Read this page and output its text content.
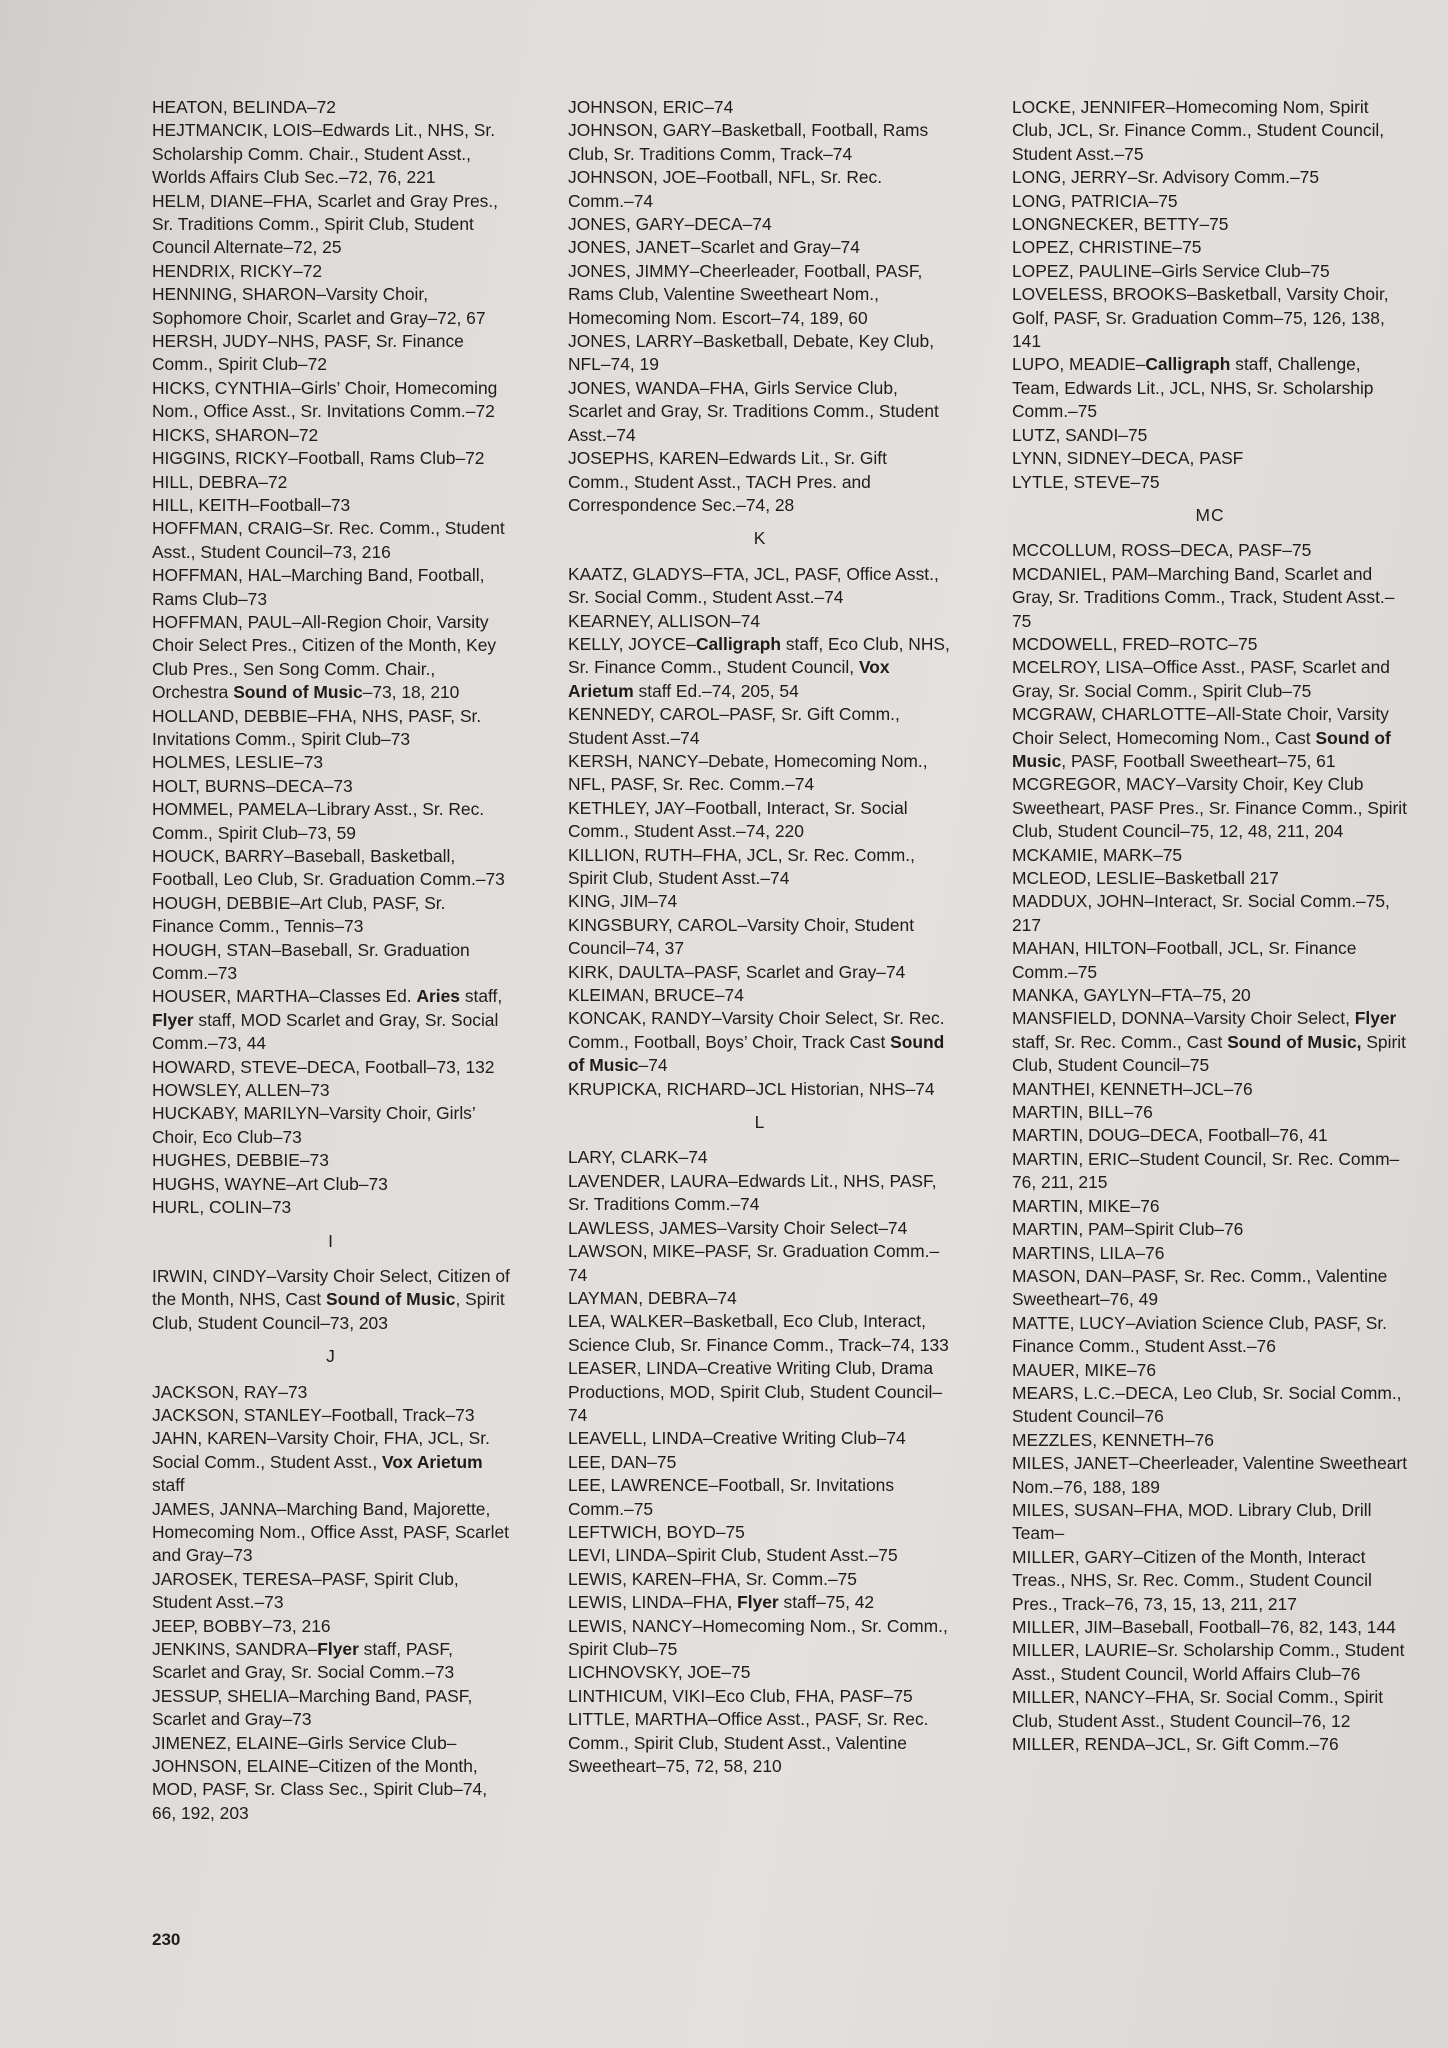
HEATON, BELINDA–72
HEJTMANCIK, LOIS–Edwards Lit., NHS, Sr. Scholarship Comm. Chair., Student Asst., Worlds Affairs Club Sec.–72, 76, 221
HELM, DIANE–FHA, Scarlet and Gray Pres., Sr. Traditions Comm., Spirit Club, Student Council Alternate–72, 25
HENDRIX, RICKY–72
HENNING, SHARON–Varsity Choir, Sophomore Choir, Scarlet and Gray–72, 67
HERSH, JUDY–NHS, PASF, Sr. Finance Comm., Spirit Club–72
HICKS, CYNTHIA–Girls’ Choir, Homecoming Nom., Office Asst., Sr. Invitations Comm.–72
HICKS, SHARON–72
HIGGINS, RICKY–Football, Rams Club–72
HILL, DEBRA–72
HILL, KEITH–Football–73
HOFFMAN, CRAIG–Sr. Rec. Comm., Student Asst., Student Council–73, 216
HOFFMAN, HAL–Marching Band, Football, Rams Club–73
HOFFMAN, PAUL–All-Region Choir, Varsity Choir Select Pres., Citizen of the Month, Key Club Pres., Sen Song Comm. Chair., Orchestra Sound of Music–73, 18, 210
HOLLAND, DEBBIE–FHA, NHS, PASF, Sr. Invitations Comm., Spirit Club–73
HOLMES, LESLIE–73
HOLT, BURNS–DECA–73
HOMMEL, PAMELA–Library Asst., Sr. Rec. Comm., Spirit Club–73, 59
HOUCK, BARRY–Baseball, Basketball, Football, Leo Club, Sr. Graduation Comm.–73
HOUGH, DEBBIE–Art Club, PASF, Sr. Finance Comm., Tennis–73
HOUGH, STAN–Baseball, Sr. Graduation Comm.–73
HOUSER, MARTHA–Classes Ed. Aries staff, Flyer staff, MOD Scarlet and Gray, Sr. Social Comm.–73, 44
HOWARD, STEVE–DECA, Football–73, 132
HOWSLEY, ALLEN–73
HUCKABY, MARILYN–Varsity Choir, Girls’ Choir, Eco Club–73
HUGHES, DEBBIE–73
HUGHS, WAYNE–Art Club–73
HURL, COLIN–73
I
IRWIN, CINDY–Varsity Choir Select, Citizen of the Month, NHS, Cast Sound of Music, Spirit Club, Student Council–73, 203
J
JACKSON, RAY–73
JACKSON, STANLEY–Football, Track–73
JAHN, KAREN–Varsity Choir, FHA, JCL, Sr. Social Comm., Student Asst., Vox Arietum staff
JAMES, JANNA–Marching Band, Majorette, Homecoming Nom., Office Asst, PASF, Scarlet and Gray–73
JAROSEK, TERESA–PASF, Spirit Club, Student Asst.–73
JEEP, BOBBY–73, 216
JENKINS, SANDRA–Flyer staff, PASF, Scarlet and Gray, Sr. Social Comm.–73
JESSUP, SHELIA–Marching Band, PASF, Scarlet and Gray–73
JIMENEZ, ELAINE–Girls Service Club–
JOHNSON, ELAINE–Citizen of the Month, MOD, PASF, Sr. Class Sec., Spirit Club–74, 66, 192, 203
JOHNSON, ERIC–74
JOHNSON, GARY–Basketball, Football, Rams Club, Sr. Traditions Comm, Track–74
JOHNSON, JOE–Football, NFL, Sr. Rec. Comm.–74
JONES, GARY–DECA–74
JONES, JANET–Scarlet and Gray–74
JONES, JIMMY–Cheerleader, Football, PASF, Rams Club, Valentine Sweetheart Nom., Homecoming Nom. Escort–74, 189, 60
JONES, LARRY–Basketball, Debate, Key Club, NFL–74, 19
JONES, WANDA–FHA, Girls Service Club, Scarlet and Gray, Sr. Traditions Comm., Student Asst.–74
JOSEPHS, KAREN–Edwards Lit., Sr. Gift Comm., Student Asst., TACH Pres. and Correspondence Sec.–74, 28
K
KAATZ, GLADYS–FTA, JCL, PASF, Office Asst., Sr. Social Comm., Student Asst.–74
KEARNEY, ALLISON–74
KELLY, JOYCE–Calligraph staff, Eco Club, NHS, Sr. Finance Comm., Student Council, Vox Arietum staff Ed.–74, 205, 54
KENNEDY, CAROL–PASF, Sr. Gift Comm., Student Asst.–74
KERSH, NANCY–Debate, Homecoming Nom., NFL, PASF, Sr. Rec. Comm.–74
KETHLEY, JAY–Football, Interact, Sr. Social Comm., Student Asst.–74, 220
KILLION, RUTH–FHA, JCL, Sr. Rec. Comm., Spirit Club, Student Asst.–74
KING, JIM–74
KINGSBURY, CAROL–Varsity Choir, Student Council–74, 37
KIRK, DAULTA–PASF, Scarlet and Gray–74
KLEIMAN, BRUCE–74
KONCAK, RANDY–Varsity Choir Select, Sr. Rec. Comm., Football, Boys’ Choir, Track Cast Sound of Music–74
KRUPICKA, RICHARD–JCL Historian, NHS–74
L
LARY, CLARK–74
LAVENDER, LAURA–Edwards Lit., NHS, PASF, Sr. Traditions Comm.–74
LAWLESS, JAMES–Varsity Choir Select–74
LAWSON, MIKE–PASF, Sr. Graduation Comm.–74
LAYMAN, DEBRA–74
LEA, WALKER–Basketball, Eco Club, Interact, Science Club, Sr. Finance Comm., Track–74, 133
LEASER, LINDA–Creative Writing Club, Drama Productions, MOD, Spirit Club, Student Council–74
LEAVELL, LINDA–Creative Writing Club–74
LEE, DAN–75
LEE, LAWRENCE–Football, Sr. Invitations Comm.–75
LEFTWICH, BOYD–75
LEVI, LINDA–Spirit Club, Student Asst.–75
LEWIS, KAREN–FHA, Sr. Comm.–75
LEWIS, LINDA–FHA, Flyer staff–75, 42
LEWIS, NANCY–Homecoming Nom., Sr. Comm., Spirit Club–75
LICHNOVSKY, JOE–75
LINTHICUM, VIKI–Eco Club, FHA, PASF–75
LITTLE, MARTHA–Office Asst., PASF, Sr. Rec. Comm., Spirit Club, Student Asst., Valentine Sweetheart–75, 72, 58, 210
LOCKE, JENNIFER–Homecoming Nom, Spirit Club, JCL, Sr. Finance Comm., Student Council, Student Asst.–75
LONG, JERRY–Sr. Advisory Comm.–75
LONG, PATRICIA–75
LONGNECKER, BETTY–75
LOPEZ, CHRISTINE–75
LOPEZ, PAULINE–Girls Service Club–75
LOVELESS, BROOKS–Basketball, Varsity Choir, Golf, PASF, Sr. Graduation Comm–75, 126, 138, 141
LUPO, MEADIE–Calligraph staff, Challenge, Team, Edwards Lit., JCL, NHS, Sr. Scholarship Comm.–75
LUTZ, SANDI–75
LYNN, SIDNEY–DECA, PASF
LYTLE, STEVE–75
MC
MCCOLLUM, ROSS–DECA, PASF–75
MCDANIEL, PAM–Marching Band, Scarlet and Gray, Sr. Traditions Comm., Track, Student Asst.–75
MCDOWELL, FRED–ROTC–75
MCELROY, LISA–Office Asst., PASF, Scarlet and Gray, Sr. Social Comm., Spirit Club–75
MCGRAW, CHARLOTTE–All-State Choir, Varsity Choir Select, Homecoming Nom., Cast Sound of Music, PASF, Football Sweetheart–75, 61
MCGREGOR, MACY–Varsity Choir, Key Club Sweetheart, PASF Pres., Sr. Finance Comm., Spirit Club, Student Council–75, 12, 48, 211, 204
MCKAMIE, MARK–75
MCLEOD, LESLIE–Basketball 217
MADDUX, JOHN–Interact, Sr. Social Comm.–75, 217
MAHAN, HILTON–Football, JCL, Sr. Finance Comm.–75
MANKA, GAYLYN–FTA–75, 20
MANSFIELD, DONNA–Varsity Choir Select, Flyer staff, Sr. Rec. Comm., Cast Sound of Music, Spirit Club, Student Council–75
MANTHEI, KENNETH–JCL–76
MARTIN, BILL–76
MARTIN, DOUG–DECA, Football–76, 41
MARTIN, ERIC–Student Council, Sr. Rec. Comm–76, 211, 215
MARTIN, MIKE–76
MARTIN, PAM–Spirit Club–76
MARTINS, LILA–76
MASON, DAN–PASF, Sr. Rec. Comm., Valentine Sweetheart–76, 49
MATTE, LUCY–Aviation Science Club, PASF, Sr. Finance Comm., Student Asst.–76
MAUER, MIKE–76
MEARS, L.C.–DECA, Leo Club, Sr. Social Comm., Student Council–76
MEZZLES, KENNETH–76
MILES, JANET–Cheerleader, Valentine Sweetheart Nom.–76, 188, 189
MILES, SUSAN–FHA, MOD. Library Club, Drill Team–
MILLER, GARY–Citizen of the Month, Interact Treas., NHS, Sr. Rec. Comm., Student Council Pres., Track–76, 73, 15, 13, 211, 217
MILLER, JIM–Baseball, Football–76, 82, 143, 144
MILLER, LAURIE–Sr. Scholarship Comm., Student Asst., Student Council, World Affairs Club–76
MILLER, NANCY–FHA, Sr. Social Comm., Spirit Club, Student Asst., Student Council–76, 12
MILLER, RENDA–JCL, Sr. Gift Comm.–76
230
